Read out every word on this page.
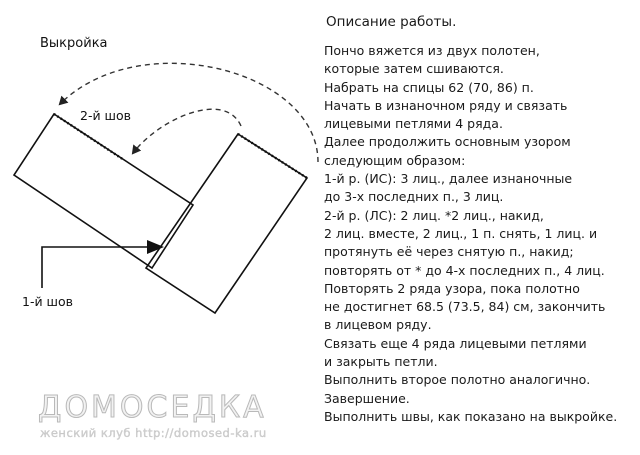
Выкройка
2-й шов
1-й шов
Описание работы.
Пончо вяжется из двух полотен,
которые затем сшиваются.
Набрать на спицы 62 (70, 86) п.
Начать в изнаночном ряду и связать
лицевыми петлями 4 ряда.
Далее продолжить основным узором
следующим образом:
1-й р. (ИС): 3 лиц., далее изнаночные
до 3-х последних п., 3 лиц.
2-й р. (ЛС): 2 лиц. *2 лиц., накид,
2 лиц. вместе, 2 лиц., 1 п. снять, 1 лиц. и
протянуть её через снятую п., накид;
повторять от * до 4-х последних п., 4 лиц.
Повторять 2 ряда узора, пока полотно
не достигнет 68.5 (73.5, 84) см, закончить
в лицевом ряду.
Связать еще 4 ряда лицевыми петлями
и закрыть петли.
Выполнить второе полотно аналогично.
Завершение.
Выполнить швы, как показано на выкройке.
ДОМОСЕДКА
женский клуб http://domosed-ka.ru
